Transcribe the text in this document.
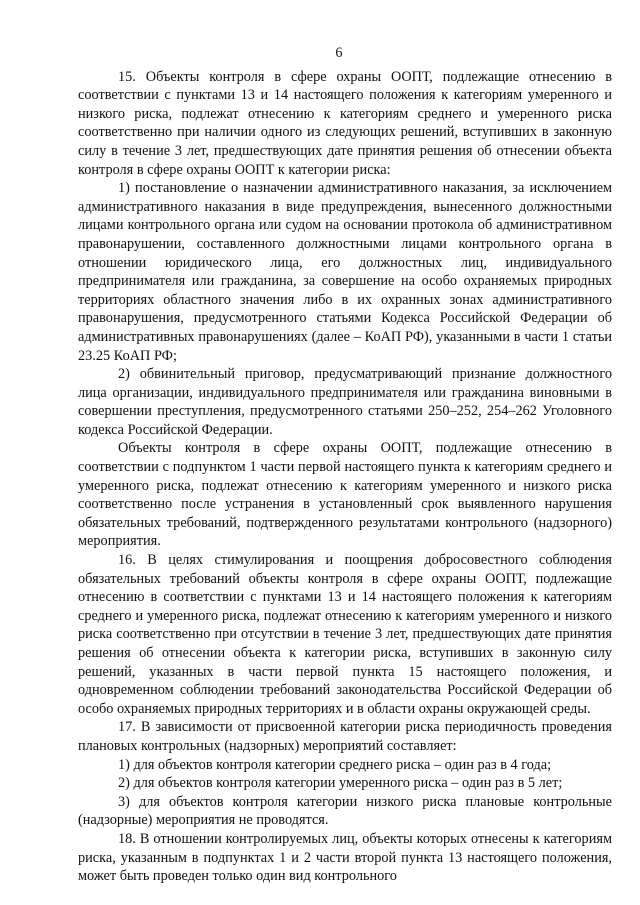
6

15. Объекты контроля в сфере охраны ООПТ, подлежащие отнесению в соответствии с пунктами 13 и 14 настоящего положения к категориям умеренного и низкого риска, подлежат отнесению к категориям среднего и умеренного риска соответственно при наличии одного из следующих решений, вступивших в законную силу в течение 3 лет, предшествующих дате принятия решения об отнесении объекта контроля в сфере охраны ООПТ к категории риска:

1) постановление о назначении административного наказания, за исключением административного наказания в виде предупреждения, вынесенного должностными лицами контрольного органа или судом на основании протокола об административном правонарушении, составленного должностными лицами контрольного органа в отношении юридического лица, его должностных лиц, индивидуального предпринимателя или гражданина, за совершение на особо охраняемых природных территориях областного значения либо в их охранных зонах административного правонарушения, предусмотренного статьями Кодекса Российской Федерации об административных правонарушениях (далее – КоАП РФ), указанными в части 1 статьи 23.25 КоАП РФ;

2) обвинительный приговор, предусматривающий признание должностного лица организации, индивидуального предпринимателя или гражданина виновными в совершении преступления, предусмотренного статьями 250–252, 254–262 Уголовного кодекса Российской Федерации.

Объекты контроля в сфере охраны ООПТ, подлежащие отнесению в соответствии с подпунктом 1 части первой настоящего пункта к категориям среднего и умеренного риска, подлежат отнесению к категориям умеренного и низкого риска соответственно после устранения в установленный срок выявленного нарушения обязательных требований, подтвержденного результатами контрольного (надзорного) мероприятия.

16. В целях стимулирования и поощрения добросовестного соблюдения обязательных требований объекты контроля в сфере охраны ООПТ, подлежащие отнесению в соответствии с пунктами 13 и 14 настоящего положения к категориям среднего и умеренного риска, подлежат отнесению к категориям умеренного и низкого риска соответственно при отсутствии в течение 3 лет, предшествующих дате принятия решения об отнесении объекта к категории риска, вступивших в законную силу решений, указанных в части первой пункта 15 настоящего положения, и одновременном соблюдении требований законодательства Российской Федерации об особо охраняемых природных территориях и в области охраны окружающей среды.

17. В зависимости от присвоенной категории риска периодичность проведения плановых контрольных (надзорных) мероприятий составляет:

1) для объектов контроля категории среднего риска – один раз в 4 года;

2) для объектов контроля категории умеренного риска – один раз в 5 лет;

3) для объектов контроля категории низкого риска плановые контрольные (надзорные) мероприятия не проводятся.

18. В отношении контролируемых лиц, объекты которых отнесены к категориям риска, указанным в подпунктах 1 и 2 части второй пункта 13 настоящего положения, может быть проведен только один вид контрольного
